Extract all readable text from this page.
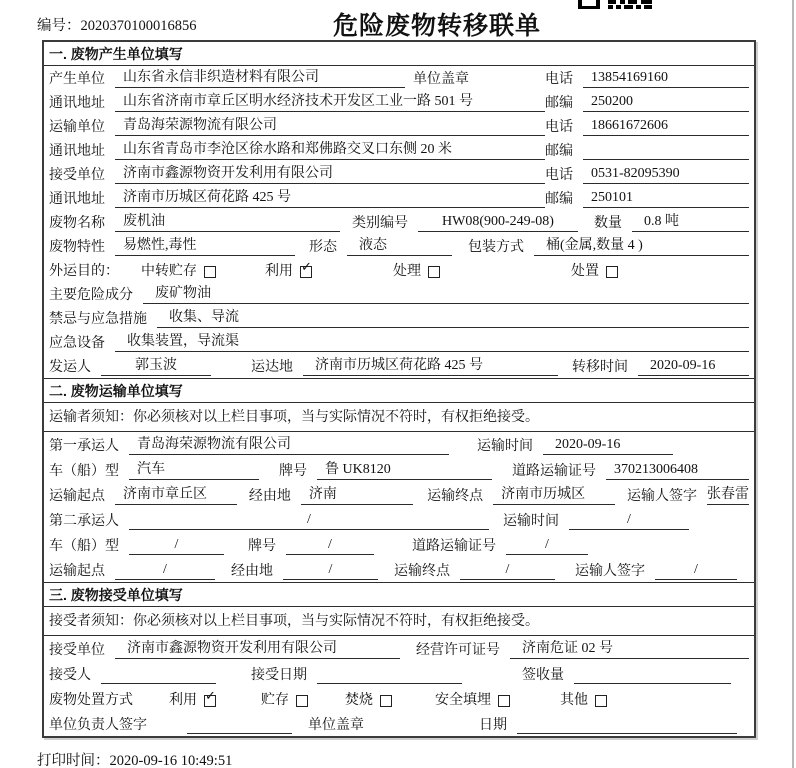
编号：2020370100016856	危险废物转移联单
一. 废物产生单位填写
产生单位	山东省永信非织造材料有限公司	单位盖章	电话	13854169160
通讯地址	山东省济南市章丘区明水经济技术开发区工业一路 501 号	邮编	250200
运输单位	青岛海荣源物流有限公司	电话	18661672606
通讯地址	山东省青岛市李沧区徐水路和郑佛路交叉口东侧 20 米	邮编
接受单位	济南市鑫源物资开发利用有限公司	电话	0531-82095390
通讯地址	济南市历城区荷花路 425 号	邮编	250101
废物名称	废机油	类别编号	HW08(900-249-08)	数量	0.8 吨
废物特性	易燃性,毒性	形态	液态	包装方式	桶(金属,数量 4 )
外运目的：	中转贮存	利用 ✓	处理	处置
主要危险成分	废矿物油
禁忌与应急措施	收集、导流
应急设备	收集装置，导流渠
发运人	郭玉波	运达地	济南市历城区荷花路 425 号	转移时间	2020-09-16
二. 废物运输单位填写
运输者须知：你必须核对以上栏目事项，当与实际情况不符时，有权拒绝接受。
第一承运人	青岛海荣源物流有限公司	运输时间	2020-09-16
车（船）型	汽车	牌号	鲁 UK8120	道路运输证号	370213006408
运输起点	济南市章丘区	经由地	济南	运输终点	济南市历城区	运输人签字 张春雷
第二承运人	/	运输时间	/
车（船）型	/	牌号	/	道路运输证号	/
运输起点	/	经由地	/	运输终点	/	运输人签字	/
三. 废物接受单位填写
接受者须知：你必须核对以上栏目事项，当与实际情况不符时，有权拒绝接受。
接受单位	济南市鑫源物资开发利用有限公司	经营许可证号	济南危证 02 号
接受人	接受日期	签收量
废物处置方式	利用 ✓	贮存	焚烧	安全填埋	其他
单位负责人签字	单位盖章	日期
打印时间：2020-09-16 10:49:51
